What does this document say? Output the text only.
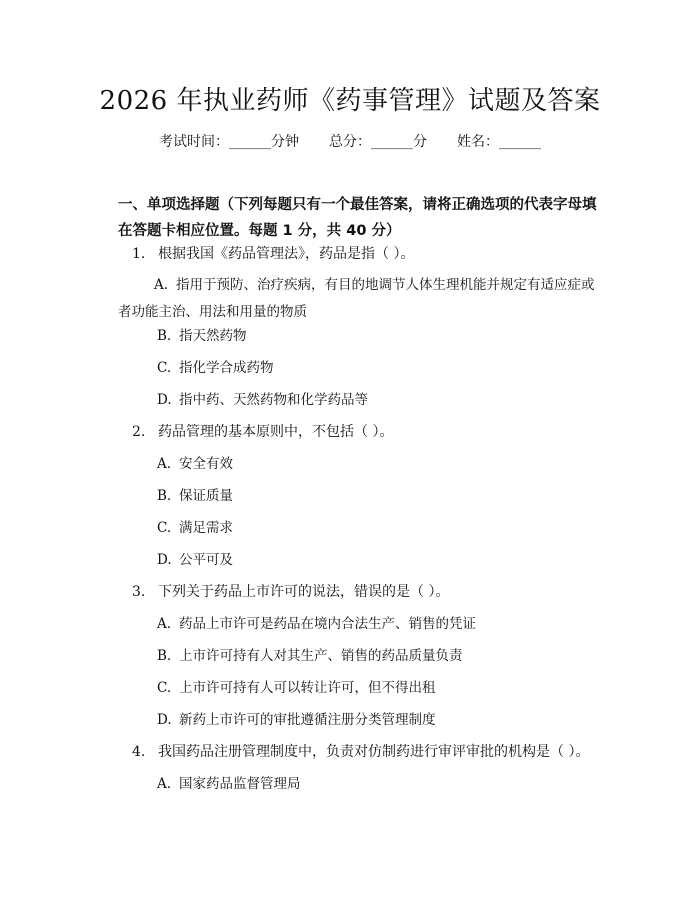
2026 年执业药师《药事管理》试题及答案
考试时间：______分钟 总分：______分 姓名：______
一、单项选择题（下列每题只有一个最佳答案，请将正确选项的代表字母填在答题卡相应位置。每题 1 分，共 40 分）
1. 根据我国《药品管理法》，药品是指（ ）。
A. 指用于预防、治疗疾病，有目的地调节人体生理机能并规定有适应症或者功能主治、用法和用量的物质
B. 指天然药物
C. 指化学合成药物
D. 指中药、天然药物和化学药品等
2. 药品管理的基本原则中，不包括（ ）。
A. 安全有效
B. 保证质量
C. 满足需求
D. 公平可及
3. 下列关于药品上市许可的说法，错误的是（ ）。
A. 药品上市许可是药品在境内合法生产、销售的凭证
B. 上市许可持有人对其生产、销售的药品质量负责
C. 上市许可持有人可以转让许可，但不得出租
D. 新药上市许可的审批遵循注册分类管理制度
4. 我国药品注册管理制度中，负责对仿制药进行审评审批的机构是（ ）。
A. 国家药品监督管理局
